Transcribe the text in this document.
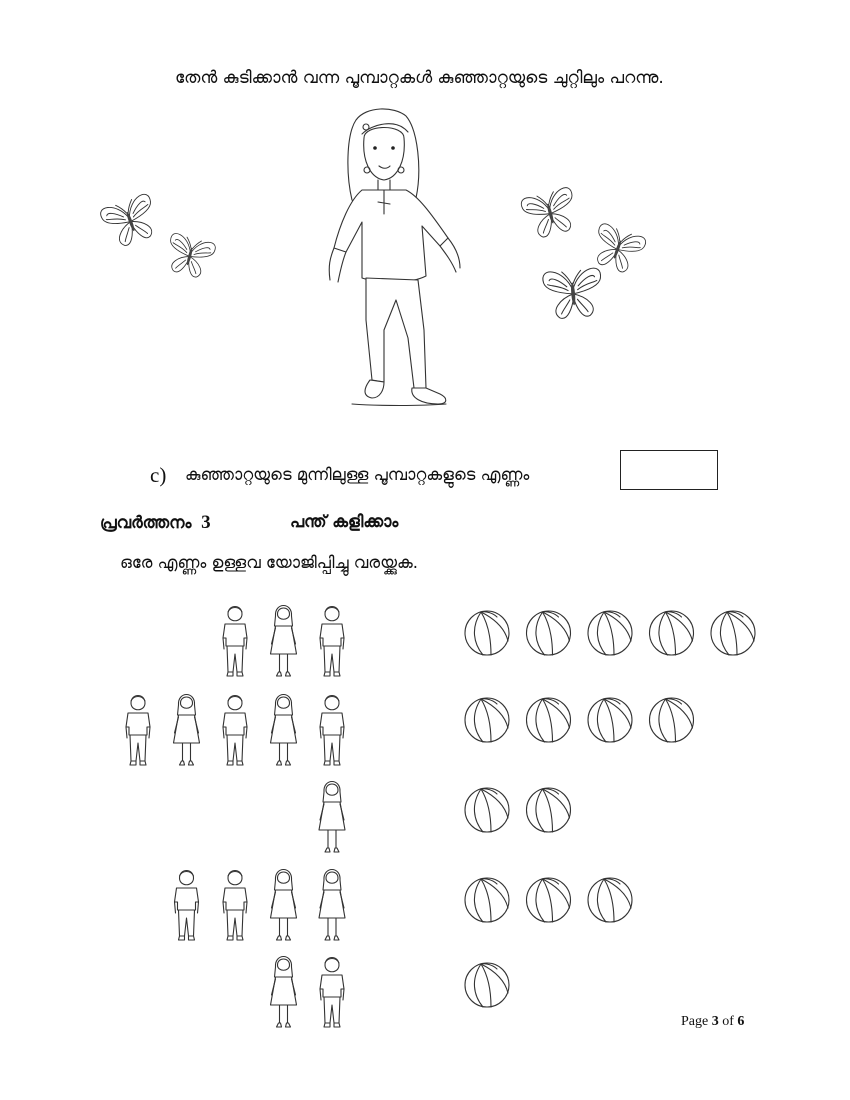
തേൻ കുടിക്കാൻ വന്ന പൂമ്പാറ്റകൾ കുഞ്ഞാറ്റയുടെ ചുറ്റിലും പറന്നു.
c) കുഞ്ഞാറ്റയുടെ മുന്നിലുള്ള പൂമ്പാറ്റകളുടെ എണ്ണം
പ്രവർത്തനം 3	പന്ത് കളിക്കാം
ഒരേ എണ്ണം ഉള്ളവ യോജിപ്പിച്ചു വരയ്ക്കുക.
Page 3 of 6
